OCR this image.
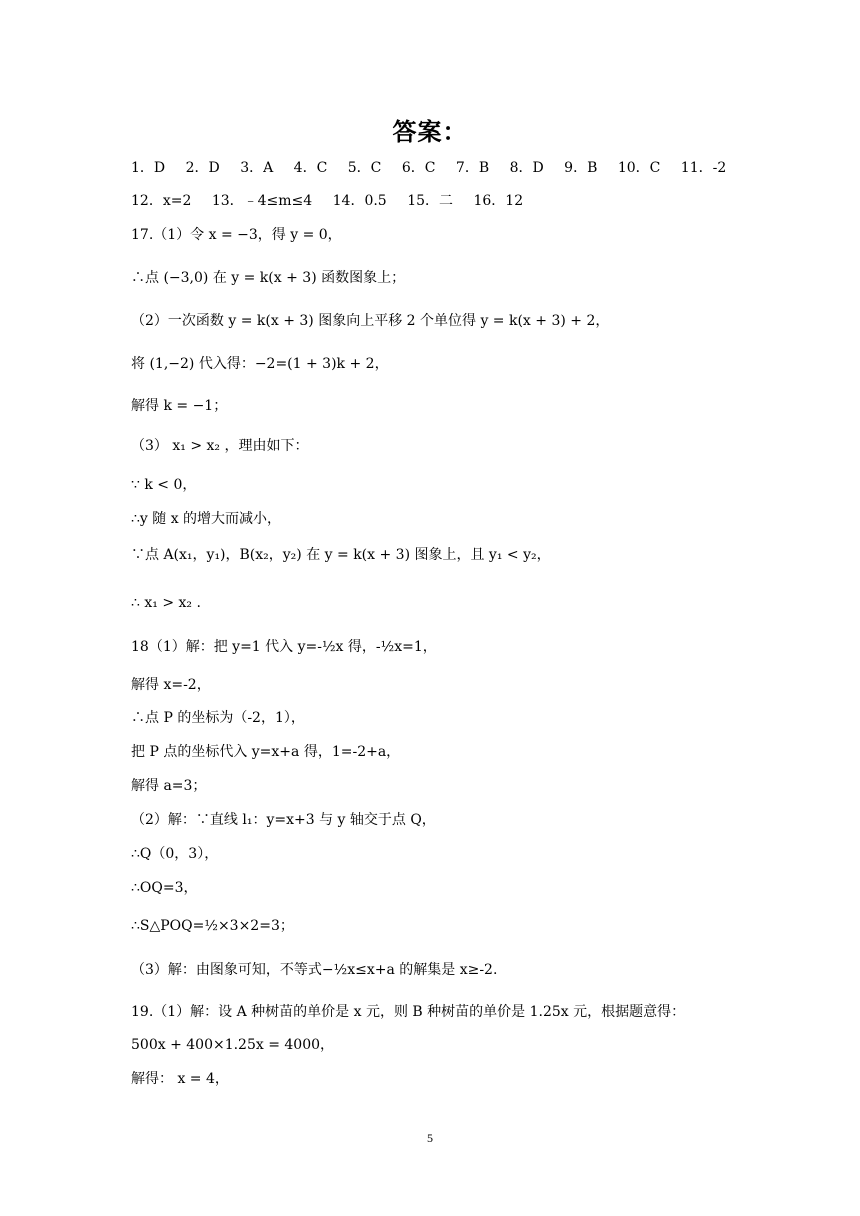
答案：
1．D 2．D 3．A 4．C 5．C 6．C 7．B 8．D 9．B 10．C 11．-2
12．x=2 13．﹣4≤m≤4 14．0.5 15．二 16．12
17.（1）令 x = −3，得 y = 0，
∴点 (−3,0) 在 y = k(x + 3) 函数图象上；
（2）一次函数 y = k(x + 3) 图象向上平移 2 个单位得 y = k(x + 3) + 2，
将 (1,−2) 代入得：−2=(1 + 3)k + 2，
解得 k = −1；
（3） x₁ > x₂ ，理由如下：
∵ k < 0，
∴y 随 x 的增大而减小，
∵点 A(x₁，y₁)，B(x₂，y₂) 在 y = k(x + 3) 图象上，且 y₁ < y₂，
∴ x₁ > x₂ .
18（1）解：把 y=1 代入 y=-½x 得，-½x=1，
解得 x=-2，
∴点 P 的坐标为（-2，1），
把 P 点的坐标代入 y=x+a 得，1=-2+a，
解得 a=3；
（2）解：∵直线 l₁：y=x+3 与 y 轴交于点 Q，
∴Q（0，3），
∴OQ=3，
∴S△POQ=½×3×2=3；
（3）解：由图象可知，不等式−½x≤x+a 的解集是 x≥-2.
19.（1）解：设 A 种树苗的单价是 x 元，则 B 种树苗的单价是 1.25x 元，根据题意得：
500x + 400×1.25x = 4000，
解得： x = 4，
5
